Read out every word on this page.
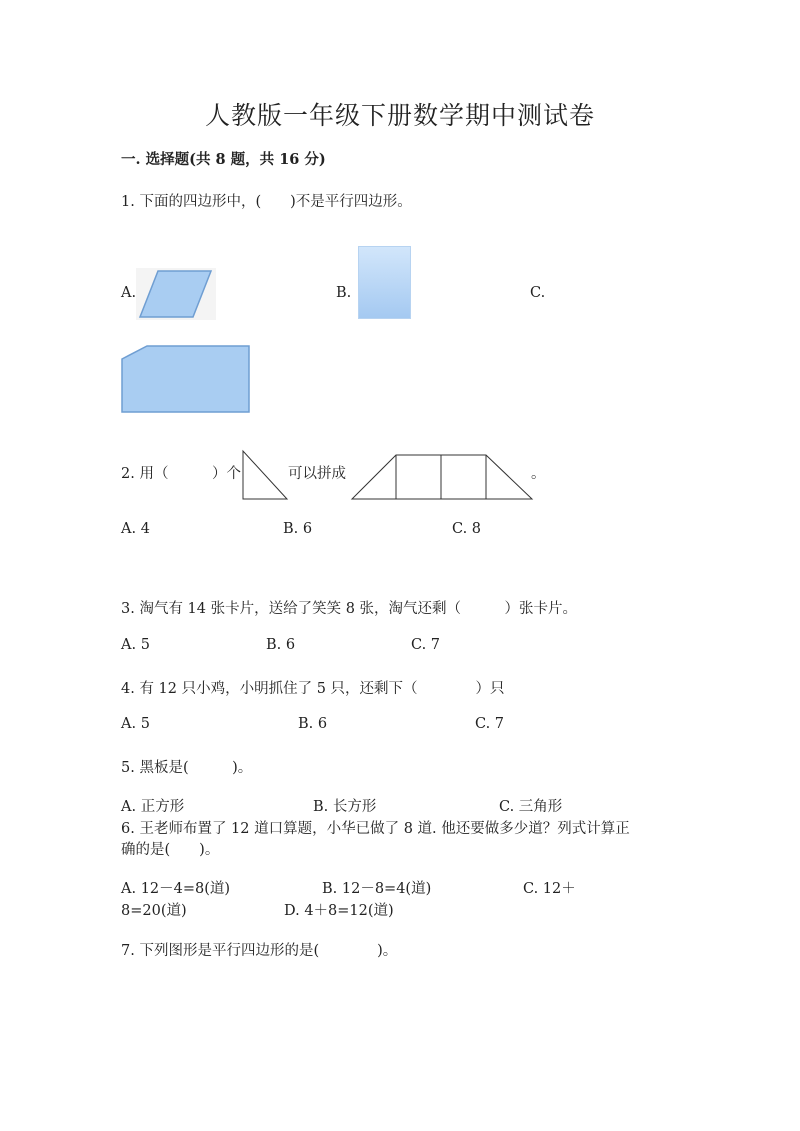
人教版一年级下册数学期中测试卷
一. 选择题(共 8 题，共 16 分)
1. 下面的四边形中，(  )不是平行四边形。
A.	B.	C.
2. 用（   ）个	可以拼成	。
A. 4	B. 6	C. 8
3. 淘气有 14 张卡片，送给了笑笑 8 张，淘气还剩（   ）张卡片。
A. 5	B. 6	C. 7
4. 有 12 只小鸡，小明抓住了 5 只，还剩下（    ）只
A. 5	B. 6	C. 7
5. 黑板是(   )。
A. 正方形	B. 长方形	C. 三角形
6. 王老师布置了 12 道口算题，小华已做了 8 道. 他还要做多少道？列式计算正
确的是(  )。
A. 12－4=8(道)	B. 12－8=4(道)	C. 12＋
8=20(道)	D. 4＋8=12(道)
7. 下列图形是平行四边形的是(    )。
